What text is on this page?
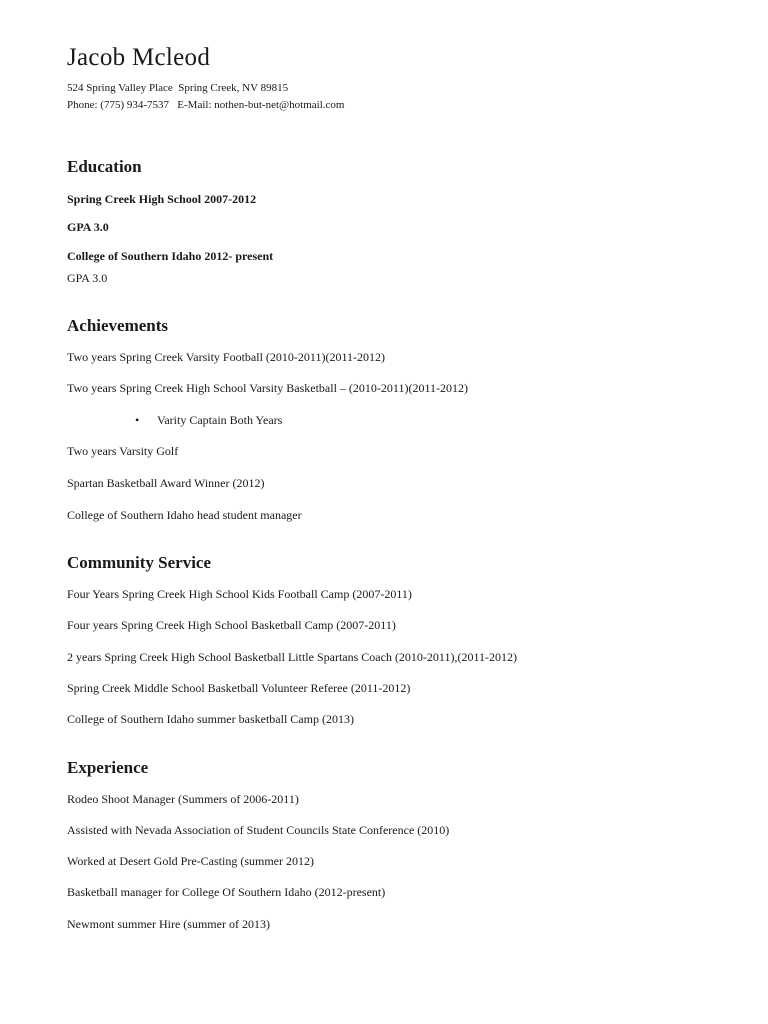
Jacob Mcleod
524 Spring Valley Place  Spring Creek, NV 89815
Phone: (775) 934-7537   E-Mail: nothen-but-net@hotmail.com
Education
Spring Creek High School 2007-2012
GPA 3.0
College of Southern Idaho 2012- present
GPA 3.0
Achievements
Two years Spring Creek Varsity Football (2010-2011)(2011-2012)
Two years Spring Creek High School Varsity Basketball – (2010-2011)(2011-2012)
• Varity Captain Both Years
Two years Varsity Golf
Spartan Basketball Award Winner (2012)
College of Southern Idaho head student manager
Community Service
Four Years Spring Creek High School Kids Football Camp (2007-2011)
Four years Spring Creek High School Basketball Camp (2007-2011)
2 years Spring Creek High School Basketball Little Spartans Coach (2010-2011),(2011-2012)
Spring Creek Middle School Basketball Volunteer Referee (2011-2012)
College of Southern Idaho summer basketball Camp (2013)
Experience
Rodeo Shoot Manager (Summers of 2006-2011)
Assisted with Nevada Association of Student Councils State Conference (2010)
Worked at Desert Gold Pre-Casting (summer 2012)
Basketball manager for College Of Southern Idaho (2012-present)
Newmont summer Hire (summer of 2013)
